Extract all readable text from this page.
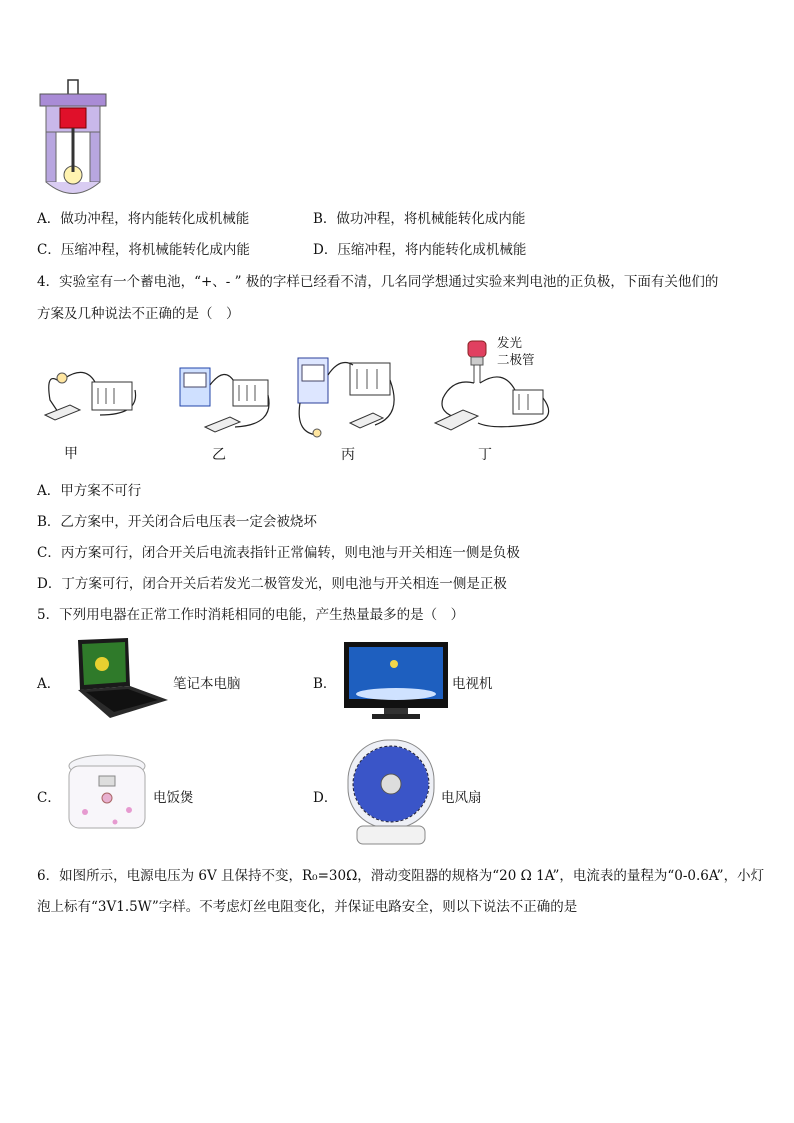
A．做功冲程，将内能转化成机械能	B．做功冲程，将机械能转化成内能
C．压缩冲程，将机械能转化成内能	D．压缩冲程，将内能转化成机械能
4．实验室有一个蓄电池，“+、- ” 极的字样已经看不清，几名同学想通过实验来判电池的正负极，下面有关他们的
方案及几种说法不正确的是（　）
甲	乙	丙
发光
二极管
丁
A．甲方案不可行
B．乙方案中，开关闭合后电压表一定会被烧坏
C．丙方案可行，闭合开关后电流表指针正常偏转，则电池与开关相连一侧是负极
D．丁方案可行，闭合开关后若发光二极管发光，则电池与开关相连一侧是正极
5．下列用电器在正常工作时消耗相同的电能，产生热量最多的是（　）
A．	笔记本电脑	B．	电视机
C．	电饭煲	D．	电风扇
6．如图所示，电源电压为 6V 且保持不变，R₀=30Ω，滑动变阻器的规格为“20 Ω 1A”，电流表的量程为“0-0.6A”，小灯
泡上标有“3V1.5W”字样。不考虑灯丝电阻变化，并保证电路安全，则以下说法不正确的是
